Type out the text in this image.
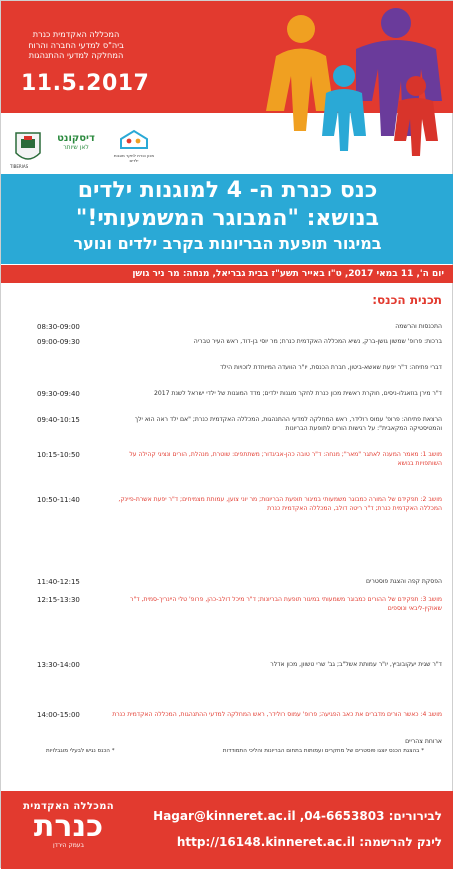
המכללה האקדמית כנרת
ביה"ס למדעי החברה והרוח
המחלקה למדעי ההתנהגות
11.5.2017
TIBERIAS
דיסקונט
לאן שיותר
מכון כנרת לחקר מוגנות ילדים
כנס כנרת ה- 4 למוגנות ילדים
בנושא: "המבוגר המשמעותי!"
במיגור תופעת הבריונות בקרב ילדים ונוער
יום ה', 11 במאי 2017, ט"ו באייר תשע"ז בבית גבריאל, מנחה: מר ניר גושן
תכנית הכנס:
08:30-09:00	התכנסות והרשמה
09:00-09:30	ברכות: פרופ' שמשון גושן-ברק, נשיא המכללה האקדמית כנרת; מר יוסי בן-דוד, ראש העיר טבריה
דברי פתיחה: ד"ר יפעת שאשא-ביטון, חברת הכנסת, יו"ר הוועדה המיוחדת לזכויות הילד
09:30-09:40	ד"ר מירן בוזאגלו-ניסים, חוקרת ראשית מכון כנרת לחקר מוגנות ילדים; מדד המוגנות של ילדי ישראל לשנת 2017
09:40-10:15	הרצאת פתיחה: פרופ' עמוס רולידר, ראש המחלקה למדעי ההתנהגות, המכללה האקדמית כנרת; "אם ילד ראה הוא ילך והמטיסטיקה המקאבית": על רגישות הורים לתופעת הבריונות
10:15-10:50	מושב 1: מאמר המענה לאתגר "מאר"; מנחה: ד"ר טובה כהן-אביגדור; משתתפים: שוטרת, מנהלת, הורים ונציגי קהילה על השותפויות בנושא
10:50-11:40	מושב 2: תפקידם של המורה כמבוגר משמעותי במיגור תופעת הבריונות; מר יוני צוען, עמותת מצמיחים; ד"ר יפעת אשרת-פיינק, המכללה האקדמית כנרת; ד"ר ריטה דולב, המכללה האקדמית כנרת
11:40-12:15	הפסקת קפה והצגת פוסטרים
12:15-13:30	מושב 3: תפקידם של ההורים כמבוגר משמעותי במיגור תופעת הבריונות; ד"ר מיכל דולב-כהן, פרופ' טלי היינריך-סמית, ד"ר שאוקין-ליבאי ונוספים
13:30-14:00	ד"ר שגית יעקובוביץ, יו"ר עמותת אשל"ב; גב' שרי טשוון, מכון אדלר
14:00-15:00	מושב 4: כאשר הורים מדברים את כאב הפגיעה; פרופ' עמוס רולידר, ראש המחלקה למדעי ההתנהגות, המכללה האקדמית כנרת
ארוחת צהריים
* בהצגת הכנס יוצגו פוסטרים של מחקרים ועמותות בתחום הבריונות והליכי התמודדות
* הכנס נגיש לבעלי מוגבלויות
המכללה האקדמית
כנרת
בעמק הירדן
לבירורים: Hagar@kinneret.ac.il ,04-6653803
לינק להרשמה: http://16148.kinneret.ac.il
